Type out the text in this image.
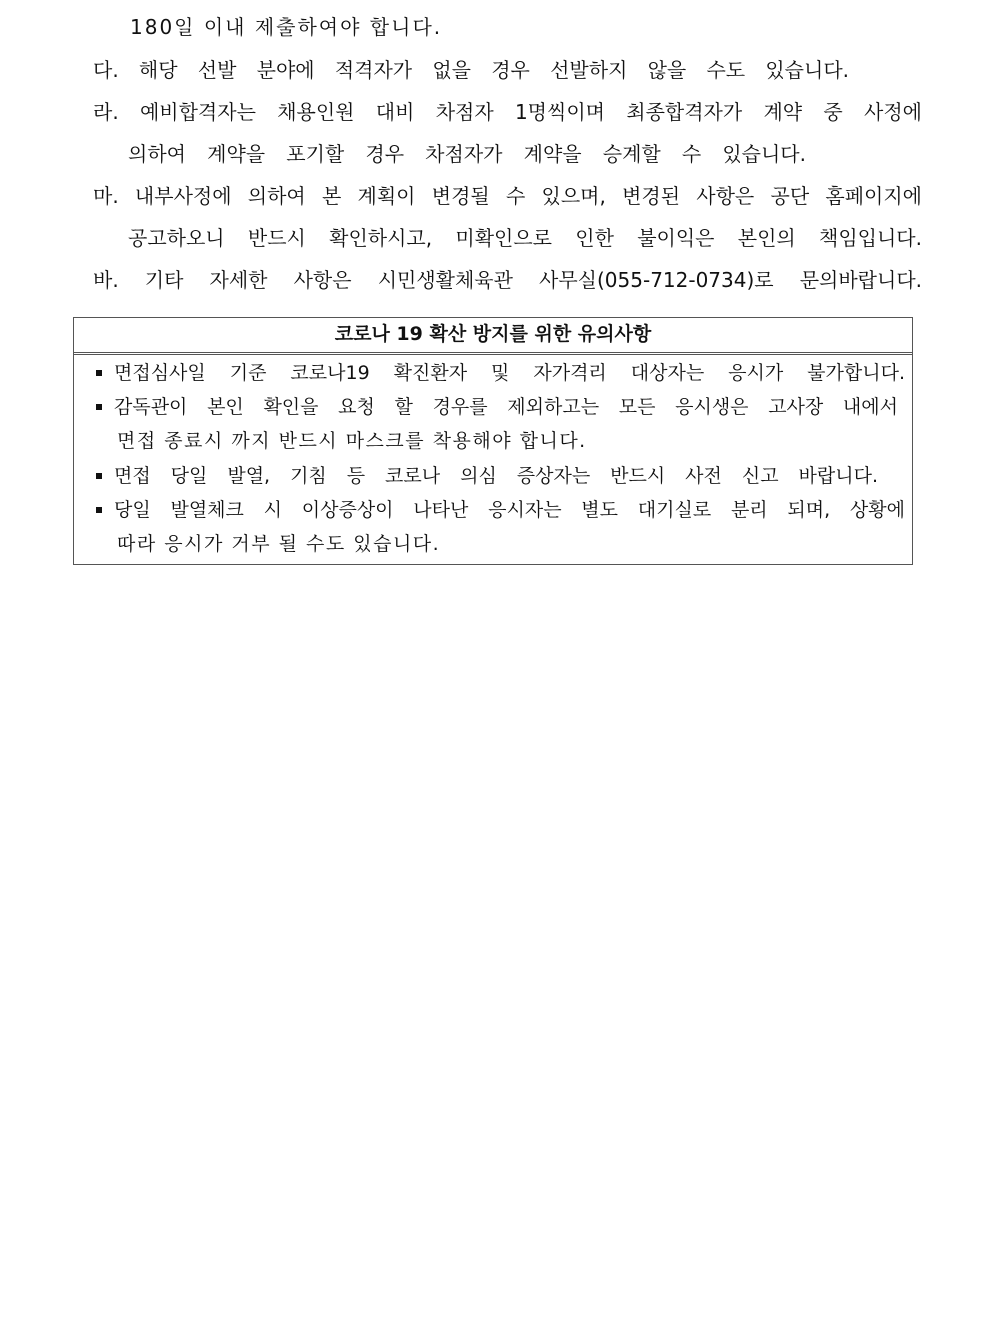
180일 이내 제출하여야 합니다.
다. 해당 선발 분야에 적격자가 없을 경우 선발하지 않을 수도 있습니다.
라. 예비합격자는 채용인원 대비 차점자 1명씩이며 최종합격자가 계약 중 사정에
의하여 계약을 포기할 경우 차점자가 계약을 승계할 수 있습니다.
마. 내부사정에 의하여 본 계획이 변경될 수 있으며, 변경된 사항은 공단 홈페이지에
공고하오니 반드시 확인하시고, 미확인으로 인한 불이익은 본인의 책임입니다.
바. 기타 자세한 사항은 시민생활체육관 사무실(055-712-0734)로 문의바랍니다.
코로나 19 확산 방지를 위한 유의사항
면접심사일 기준 코로나19 확진환자 및 자가격리 대상자는 응시가 불가합니다.
감독관이 본인 확인을 요청 할 경우를 제외하고는 모든 응시생은 고사장 내에서
면접 종료시 까지 반드시 마스크를 착용해야 합니다.
면접 당일 발열, 기침 등 코로나 의심 증상자는 반드시 사전 신고 바랍니다.
당일 발열체크 시 이상증상이 나타난 응시자는 별도 대기실로 분리 되며, 상황에
따라 응시가 거부 될 수도 있습니다.
